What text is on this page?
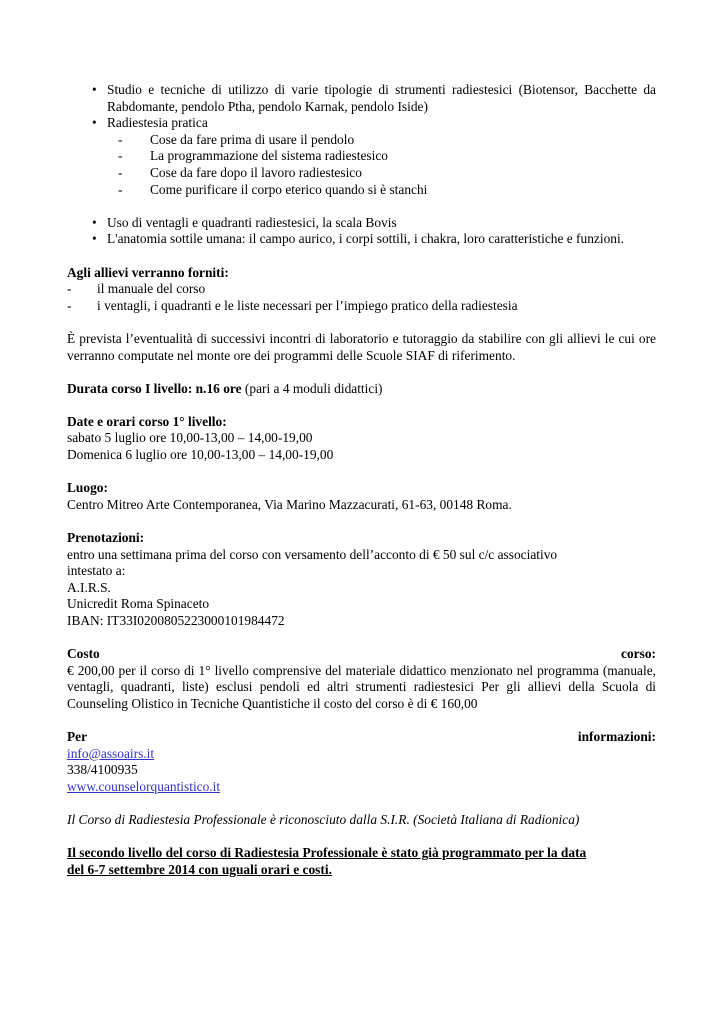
• Studio e tecniche di utilizzo di varie tipologie di strumenti radiestesici (Biotensor, Bacchette da Rabdomante, pendolo Ptha, pendolo Karnak, pendolo Iside)
• Radiestesia pratica
- Cose da fare prima di usare il pendolo
- La programmazione del sistema radiestesico
- Cose da fare dopo il lavoro radiestesico
- Come purificare il corpo eterico quando si è stanchi
• Uso di ventagli e quadranti radiestesici, la scala Bovis
• L'anatomia sottile umana: il campo aurico, i corpi sottili, i chakra, loro caratteristiche e funzioni.
Agli allievi verranno forniti:
- il manuale del corso
- i ventagli, i quadranti e le liste necessari per l’impiego pratico della radiestesia

È prevista l’eventualità di successivi incontri di laboratorio e tutoraggio da stabilire con gli allievi le cui ore verranno computate nel monte ore dei programmi delle Scuole SIAF di riferimento.

Durata corso I livello: n.16 ore (pari a 4 moduli didattici)
Date e orari corso 1° livello:
sabato 5 luglio ore 10,00-13,00 – 14,00-19,00
Domenica 6 luglio ore 10,00-13,00 – 14,00-19,00
Luogo:
Centro Mitreo Arte Contemporanea, Via Marino Mazzacurati, 61-63, 00148 Roma.
Prenotazioni:
entro una settimana prima del corso con versamento dell’acconto di € 50 sul c/c associativo
intestato a:
A.I.R.S.
Unicredit Roma Spinaceto
IBAN: IT33I0200805223000101984472
Costo	corso:

€ 200,00 per il corso di 1° livello comprensive del materiale didattico menzionato nel programma (manuale, ventagli, quadranti, liste) esclusi pendoli ed altri strumenti radiestesici Per gli allievi della Scuola di Counseling Olistico in Tecniche Quantistiche il costo del corso è di € 160,00

Per	informazioni:
info@assoairs.it
338/4100935
www.counselorquantistico.it
Il Corso di Radiestesia Professionale è riconosciuto dalla S.I.R. (Società Italiana di Radionica)
Il secondo livello del corso di Radiestesia Professionale è stato già programmato per la data
del 6-7 settembre 2014 con uguali orari e costi.
